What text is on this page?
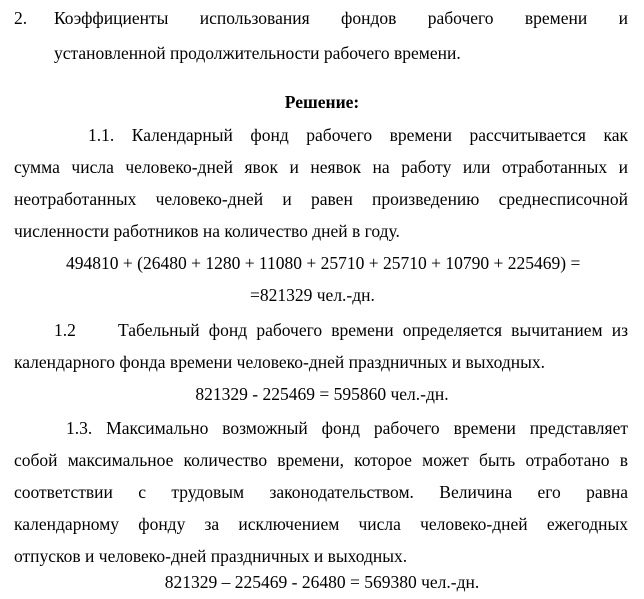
2. Коэффициенты использования фондов рабочего времени и
установленной продолжительности рабочего времени.
Решение:
1.1. Календарный фонд рабочего времени рассчитывается как
сумма числа человеко-дней явок и неявок на работу или отработанных и
неотработанных человеко-дней и равен произведению среднесписочной
численности работников на количество дней в году.
494810 + (26480 + 1280 + 11080 + 25710 + 25710 + 10790 + 225469) =
=821329 чел.-дн.
1.2 Табельный фонд рабочего времени определяется вычитанием из
календарного фонда времени человеко-дней праздничных и выходных.
821329 - 225469 = 595860 чел.-дн.
1.3. Максимально возможный фонд рабочего времени представляет
собой максимальное количество времени, которое может быть отработано в
соответствии с трудовым законодательством. Величина его равна
календарному фонду за исключением числа человеко-дней ежегодных
отпусков и человеко-дней праздничных и выходных.
821329 – 225469 - 26480 = 569380 чел.-дн.
